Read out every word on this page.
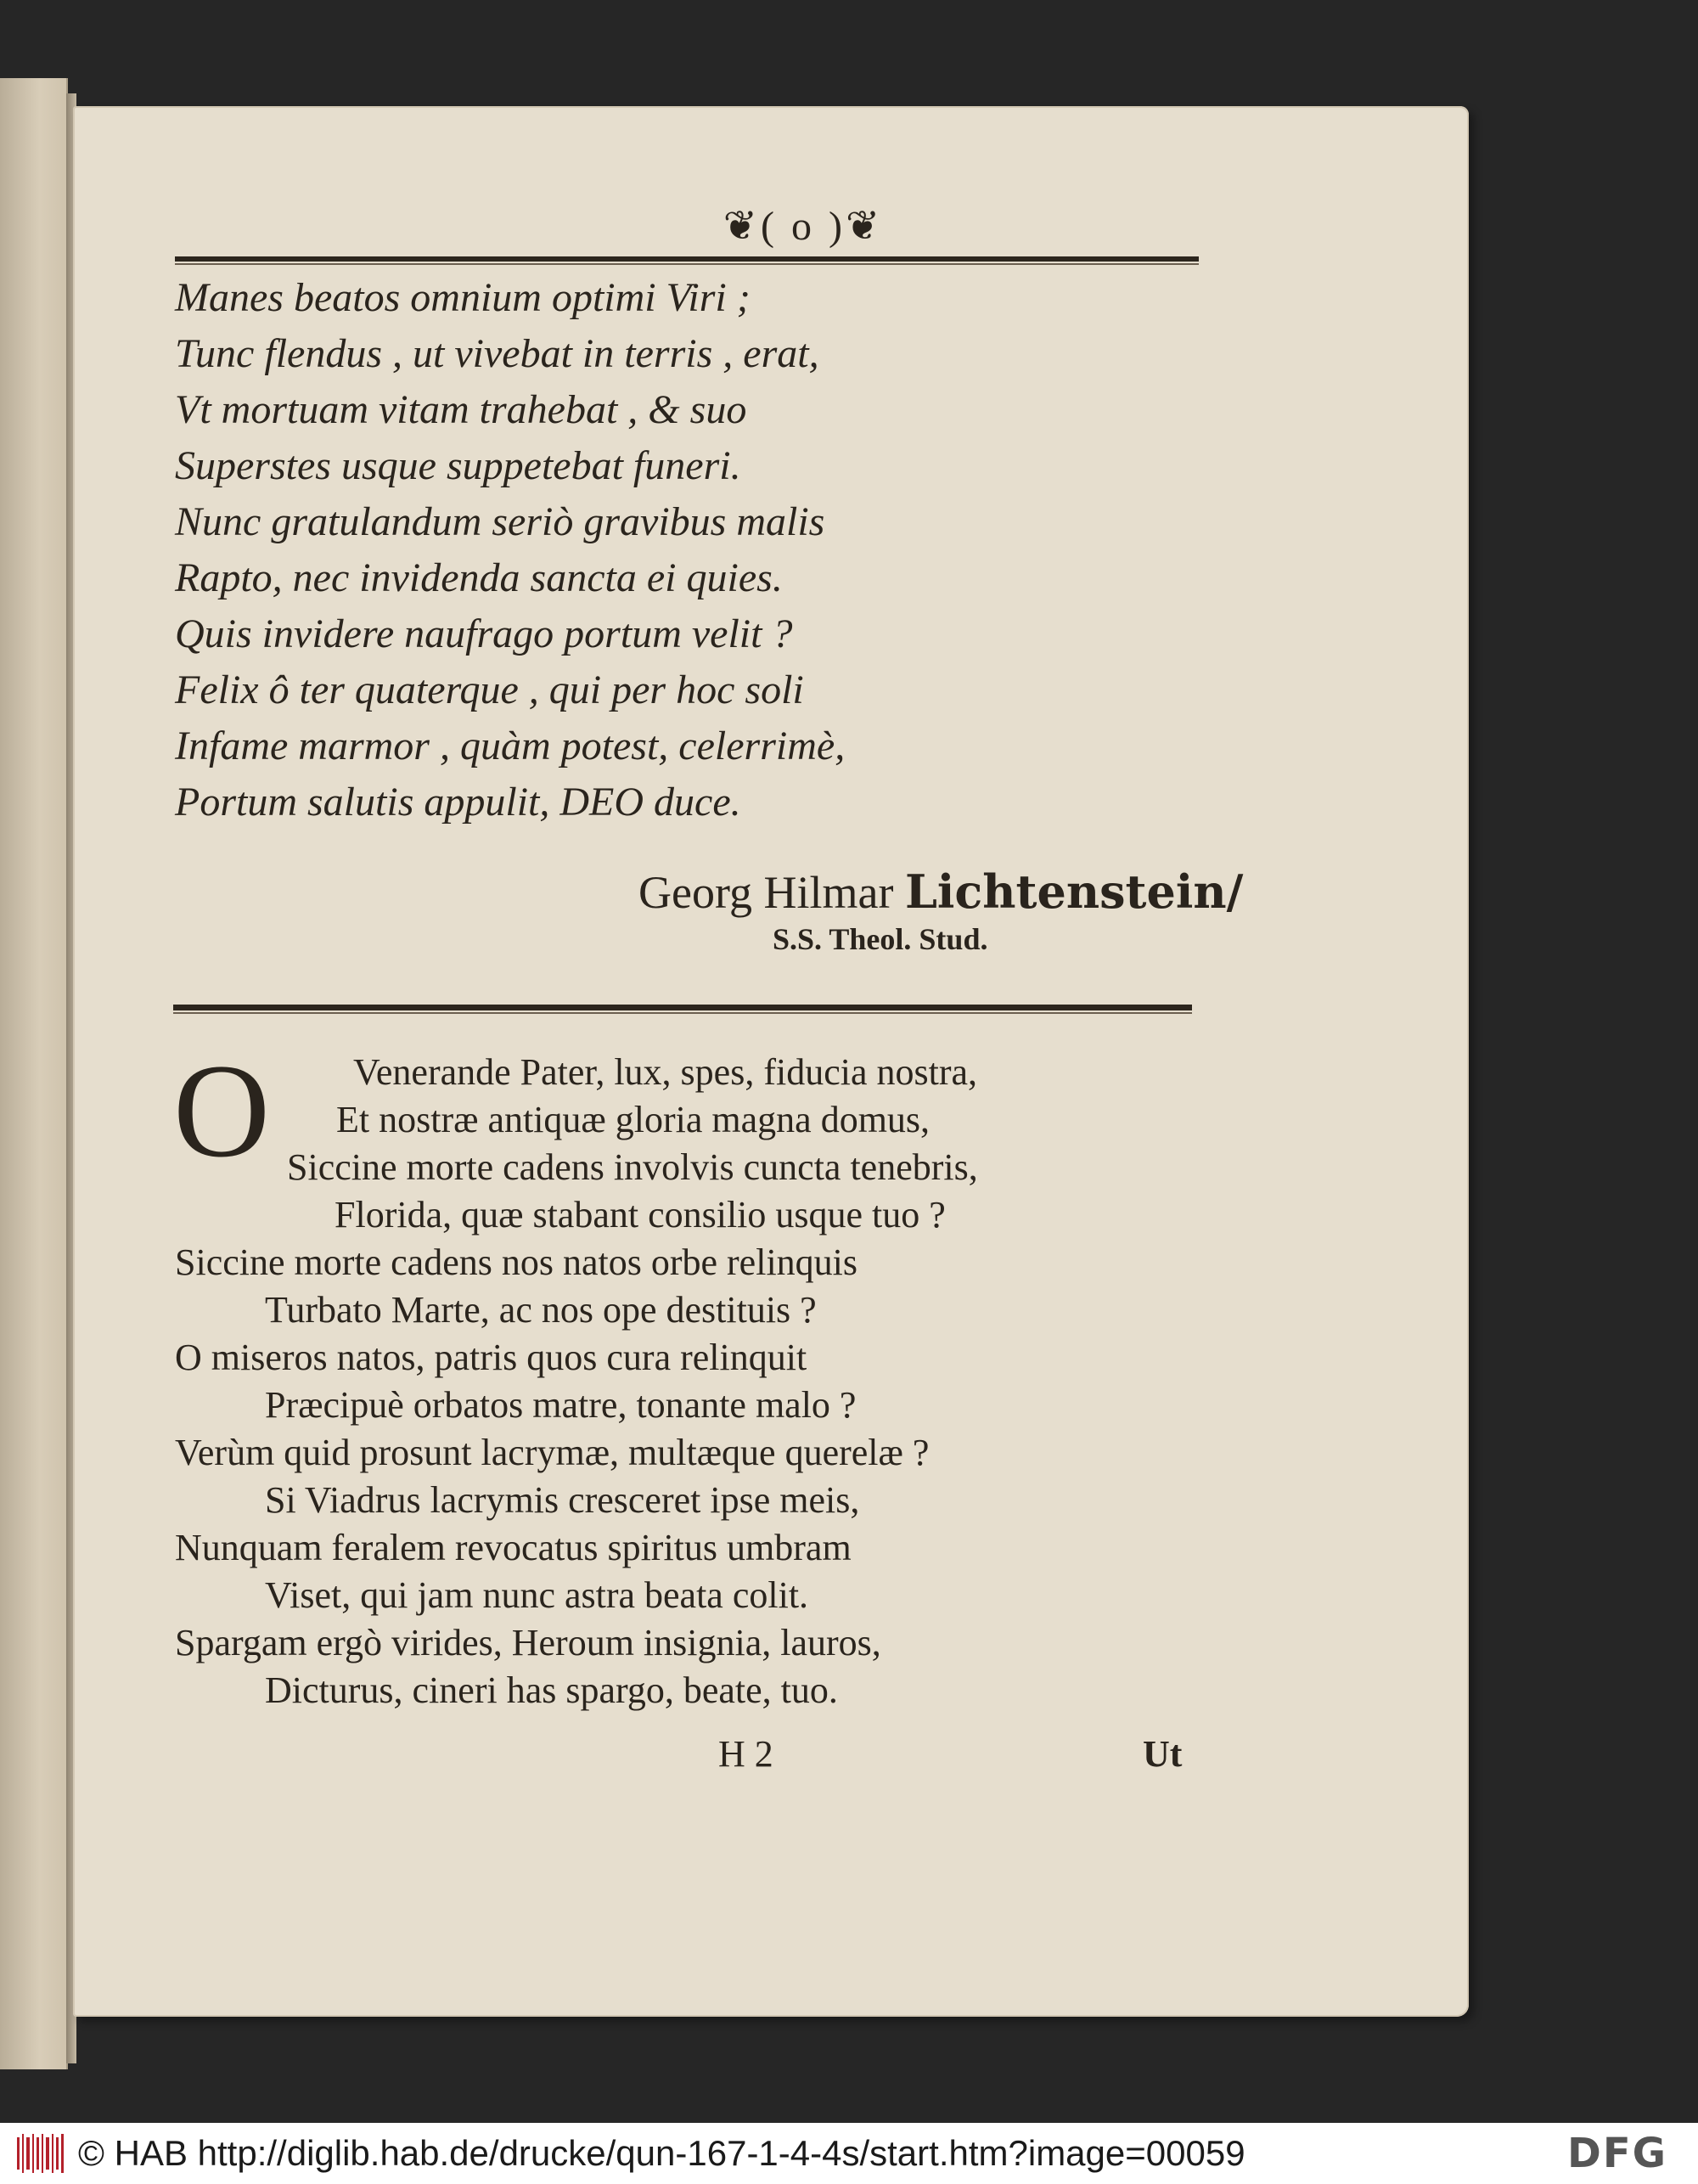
❦( o )❦
Manes beatos omnium optimi Viri ;
Tunc flendus , ut vivebat in terris , erat,
Vt mortuam vitam trahebat , & suo
Superstes usque suppetebat funeri.
Nunc gratulandum seriò gravibus malis
Rapto, nec invidenda sancta ei quies.
Quis invidere naufrago portum velit ?
Felix ô ter quaterque , qui per hoc soli
Infame marmor , quàm potest, celerrimè,
Portum salutis appulit, DEO duce.
Georg Hilmar Lichtenstein/
S.S. Theol. Stud.
O	Venerande Pater, lux, spes, fiducia nostra,
Et nostræ antiquæ gloria magna domus,
Siccine morte cadens involvis cuncta tenebris,
Florida, quæ stabant consilio usque tuo ?
Siccine morte cadens nos natos orbe relinquis
Turbato Marte, ac nos ope destituis ?
O miseros natos, patris quos cura relinquit
Præcipuè orbatos matre, tonante malo ?
Verùm quid prosunt lacrymæ, multæque querelæ ?
Si Viadrus lacrymis cresceret ipse meis,
Nunquam feralem revocatus spiritus umbram
Viset, qui jam nunc astra beata colit.
Spargam ergò virides, Heroum insignia, lauros,
Dicturus, cineri has spargo, beate, tuo.
H 2	Ut
© HAB http://diglib.hab.de/drucke/qun-167-1-4-4s/start.htm?image=00059	DFG
